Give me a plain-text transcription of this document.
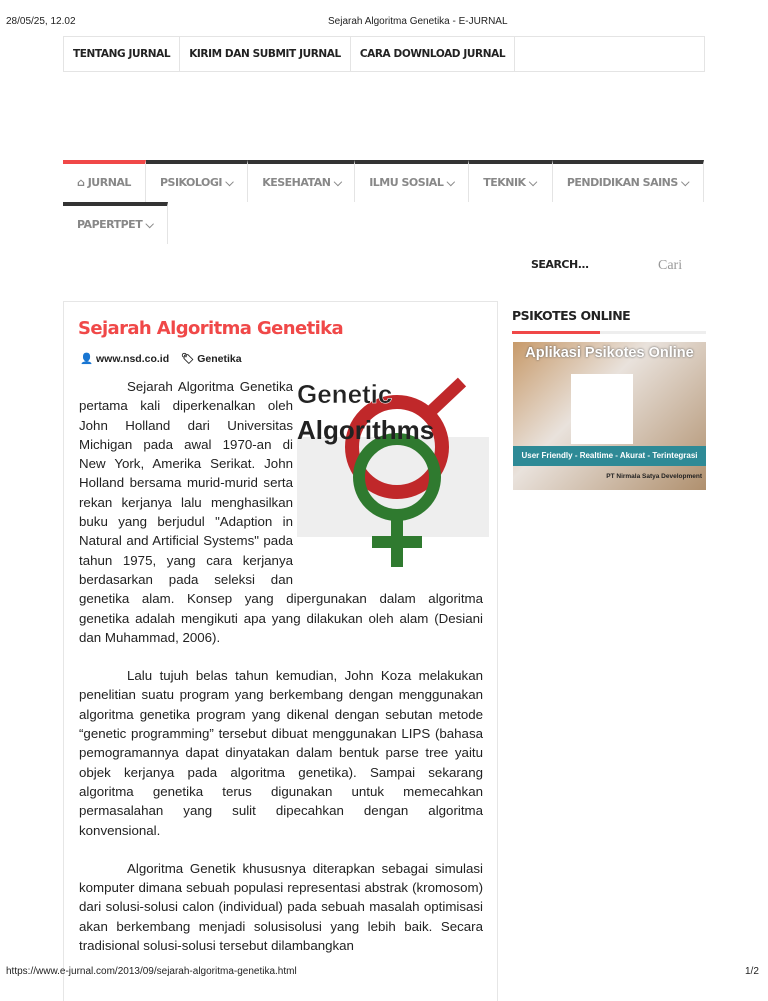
28/05/25, 12.02	Sejarah Algoritma Genetika - E-JURNAL
TENTANG JURNAL	KIRIM DAN SUBMIT JURNAL	CARA DOWNLOAD JURNAL
⌂ JURNAL	PSIKOLOGI ⌵	KESEHATAN ⌵	ILMU SOSIAL ⌵	TEKNIK ⌵	PENDIDIKAN SAINS ⌵
PAPERTPET ⌵
SEARCH...	Cari
Sejarah Algoritma Genetika
👤 www.nsd.co.id 🏷 Genetika
Genetic
Algorithms

Sejarah Algoritma Genetika pertama kali diperkenalkan oleh John Holland dari Universitas Michigan pada awal 1970-an di New York, Amerika Serikat. John Holland bersama murid-murid serta rekan kerjanya lalu menghasilkan buku yang berjudul "Adaption in Natural and Artificial Systems" pada tahun 1975, yang cara kerjanya berdasarkan pada seleksi dan genetika alam. Konsep yang dipergunakan dalam algoritma genetika adalah mengikuti apa yang dilakukan oleh alam (Desiani dan Muhammad, 2006).

Lalu tujuh belas tahun kemudian, John Koza melakukan penelitian suatu program yang berkembang dengan menggunakan algoritma genetika program yang dikenal dengan sebutan metode “genetic programming” tersebut dibuat menggunakan LIPS (bahasa pemograma​nnya dapat dinyatakan dalam bentuk parse tree yaitu objek kerjanya pada algoritma genetika). Sampai sekarang algoritma genetika terus digunakan untuk memecahkan permasalahan yang sulit dipecahkan dengan algoritma konvensional.

Algoritma Genetik khususnya diterapkan sebagai simulasi komputer dimana sebuah populasi representasi abstrak (kromosom) dari solusi-solusi calon (individual) pada sebuah masalah optimisasi akan berkembang menjadi solusisolusi yang lebih baik. Secara tradisional solusi-solusi tersebut dilambangkan

PSIKOTES ONLINE
Aplikasi Psikotes Online
User Friendly - Realtime - Akurat - Terintegrasi
PT Nirmala Satya Development
https://www.e-jurnal.com/2013/09/sejarah-algoritma-genetika.html	1/2
